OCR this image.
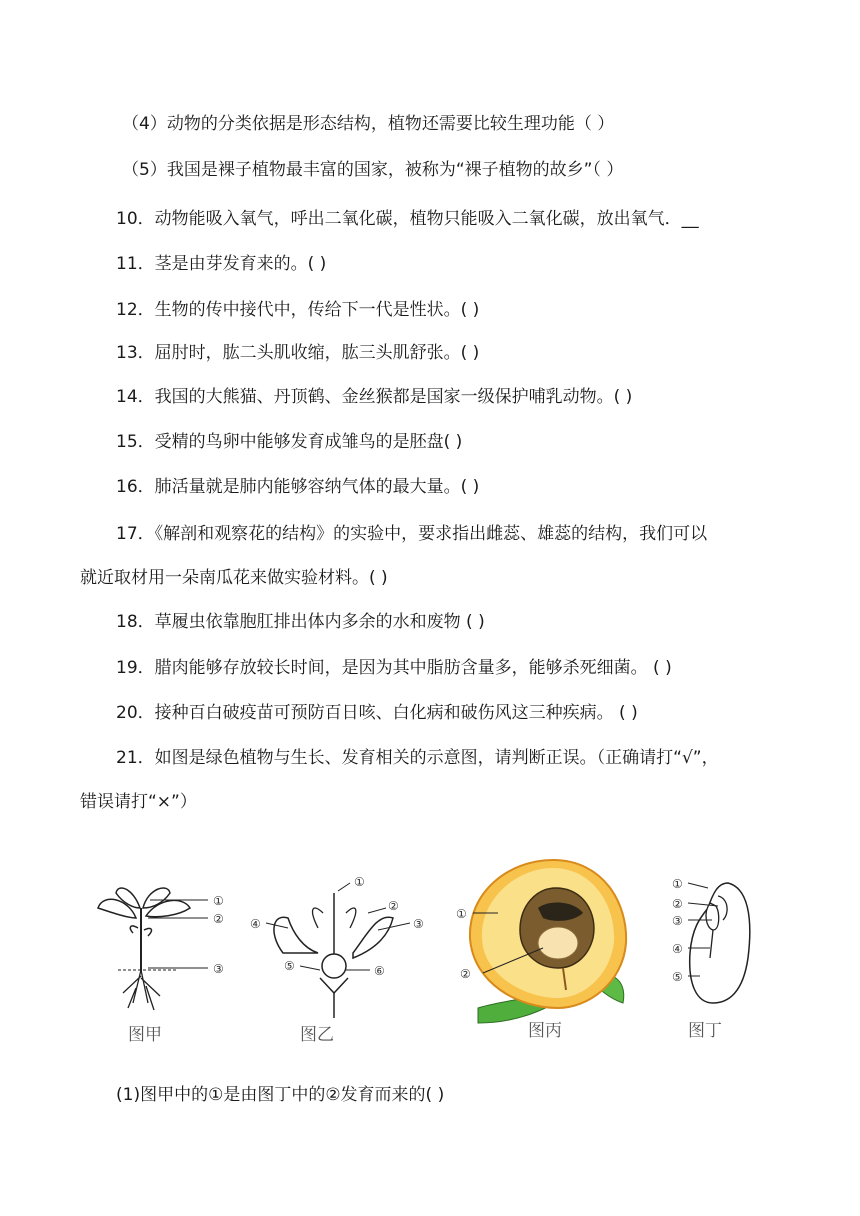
（4）动物的分类依据是形态结构，植物还需要比较生理功能（ ）
（5）我国是裸子植物最丰富的国家，被称为“裸子植物的故乡”（ ）
10．动物能吸入氧气，呼出二氧化碳，植物只能吸入二氧化碳，放出氧气．__
11．茎是由芽发育来的。( )
12．生物的传中接代中，传给下一代是性状。( )
13．屈肘时，肱二头肌收缩，肱三头肌舒张。( )
14．我国的大熊猫、丹顶鹤、金丝猴都是国家一级保护哺乳动物。( )
15．受精的鸟卵中能够发育成雏鸟的是胚盘( )
16．肺活量就是肺内能够容纳气体的最大量。( )
17．《解剖和观察花的结构》的实验中，要求指出雌蕊、雄蕊的结构，我们可以
就近取材用一朵南瓜花来做实验材料。( )
18．草履虫依靠胞肛排出体内多余的水和废物 ( )
19．腊肉能够存放较长时间，是因为其中脂肪含量多，能够杀死细菌。 ( )
20．接种百白破疫苗可预防百日咳、白化病和破伤风这三种疾病。 ( )
21．如图是绿色植物与生长、发育相关的示意图，请判断正误。（正确请打“√”，
错误请打“×”）
①
②
③
图甲
①
②
③
④
⑤	⑥
图乙
①
②
图丙
①
②
③
④
⑤
图丁
(1)图甲中的①是由图丁中的②发育而来的( )
